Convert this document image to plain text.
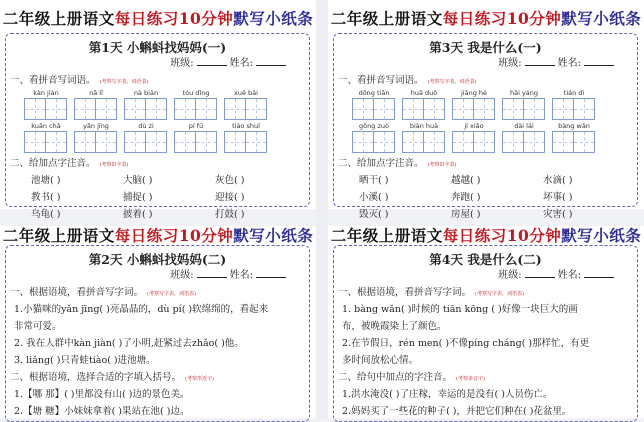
二年级上册语文每日练习10分钟默写小纸条
第1天 小蝌蚪找妈妈(一)
班级:	姓名:
一、看拼音写词语。 (考察写字表、词语表)
kàn jiàn	nǎ lǐ	nà biān	tóu dǐng	xuě bái
kuān chǎ	yǎn jīng	dù zi	pí fū	tiào shuǐ
二、给加点字注音。 (考察识字表)
池塘( )	大脑( )	灰色( )
教书( )	捕捉( )	迎接( )
乌龟( )	披着( )	打鼓( )
二年级上册语文每日练习10分钟默写小纸条
第3天 我是什么(一)
班级:	姓名:
一、看拼音写词语。 (考察写字表、词语表)
dōng tiān	huā duǒ	jiāng hé	hǎi yáng	tián dì
gōng zuò	biàn huà	jí xiǎo	dài lái	bàng wǎn
二、给加点字注音。 (考察识字表)
晒干( )	越越( )	水滴( )
小溪( )	奔跑( )	坏事( )
毁灭( )	房屋( )	灾害( )
二年级上册语文每日练习10分钟默写小纸条
第2天 小蝌蚪找妈妈(二)
班级:	姓名:
一、根据语境，看拼音写字词。 (考察写字表、词语表)
1.小猫咪的yǎn jīng( )亮晶晶的，dù pí( )软绵绵的，看起来
非常可爱。
2. 我在人群中kàn jiàn( )了小明,赶紧过去zhǎo( )他。
3. liǎng( )只青蛙tiào( )进池塘。
二、根据语境，选择合适的字填入括号。 (考察形近字)
1.【哪 那】( )里都没有山( )边的景色美。
2.【塘 糖】小妹妹拿着( )果站在池( )边。
二年级上册语文每日练习10分钟默写小纸条
第4天 我是什么(二)
班级:	姓名:
一、根据语境，看拼音写字词。 (考察写字表、词语表)
1. bàng wǎn( )时候的 tiān kōng ( )好像一块巨大的画
布，被晚霞染上了颜色。
2.在节假日，rén men( )不像píng cháng( )那样忙，有更
多时间放松心情。
二、给句中加点的字注音。 (考察多音字)
1.洪水淹没( )了庄稼，幸运的是没有( )人员伤亡。
2.妈妈买了一些花的种子( )，并把它们种在( )花盆里。
